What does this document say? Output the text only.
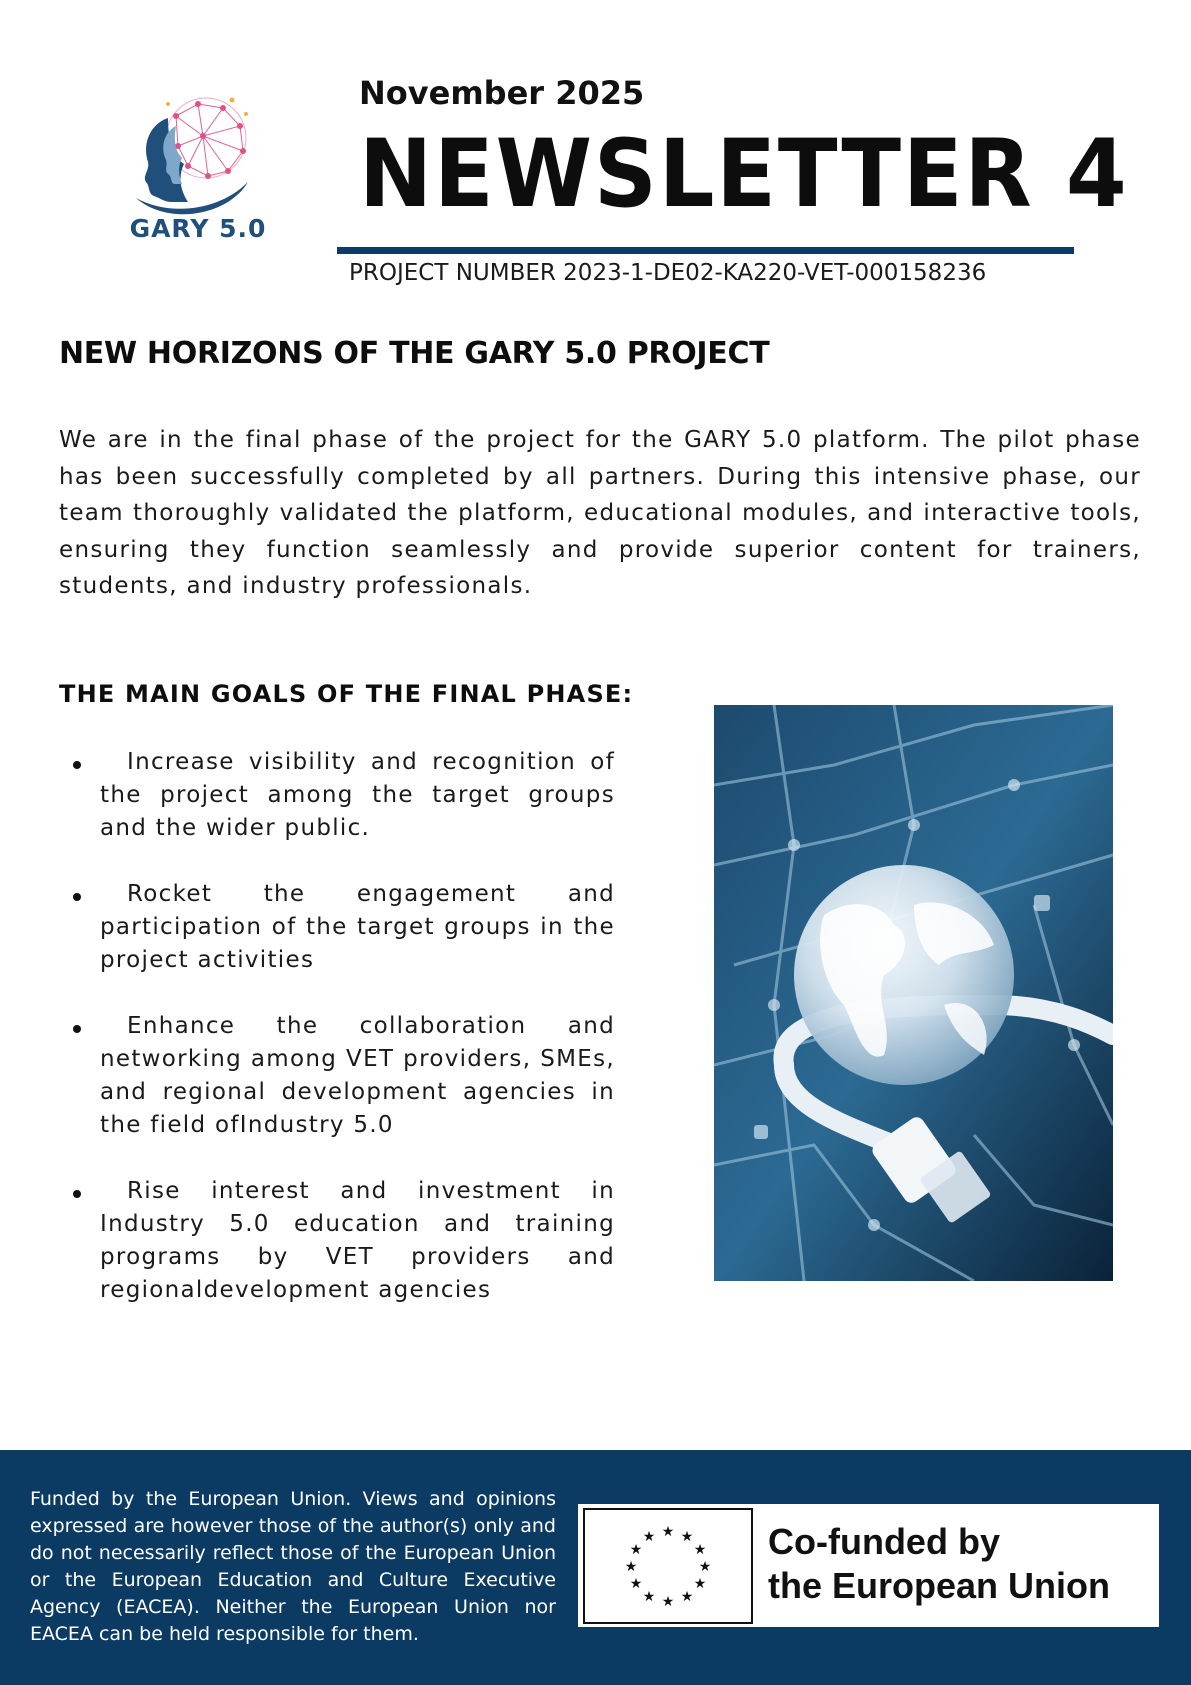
GARY 5.0
November 2025
NEWSLETTER 4
PROJECT NUMBER 2023-1-DE02-KA220-VET-000158236
NEW HORIZONS OF THE GARY 5.0 PROJECT

We are in the final phase of the project for the GARY 5.0 platform. The pilot phase has been successfully completed by all partners. During this intensive phase, our team thoroughly validated the platform, educational modules, and interactive tools, ensuring they function seamlessly and provide superior content for trainers, students, and industry professionals.

THE MAIN GOALS OF THE FINAL PHASE:
Increase visibility and recognition of the project among the target groups and the wider public.
Rocket the engagement and participation of the target groups in the project activities
Enhance the collaboration and networking among VET providers, SMEs, and regional development agencies in the field ofIndustry 5.0
Rise interest and investment in Industry 5.0 education and training programs by VET providers and regionaldevelopment agencies

Funded by the European Union. Views and opinions expressed are however those of the author(s) only and do not necessarily reflect those of the European Union or the European Education and Culture Executive Agency (EACEA). Neither the European Union nor EACEA can be held responsible for them.

★ ★
★
★
★
★
★
★
★
★
★
★	Co-funded by
the European Union
